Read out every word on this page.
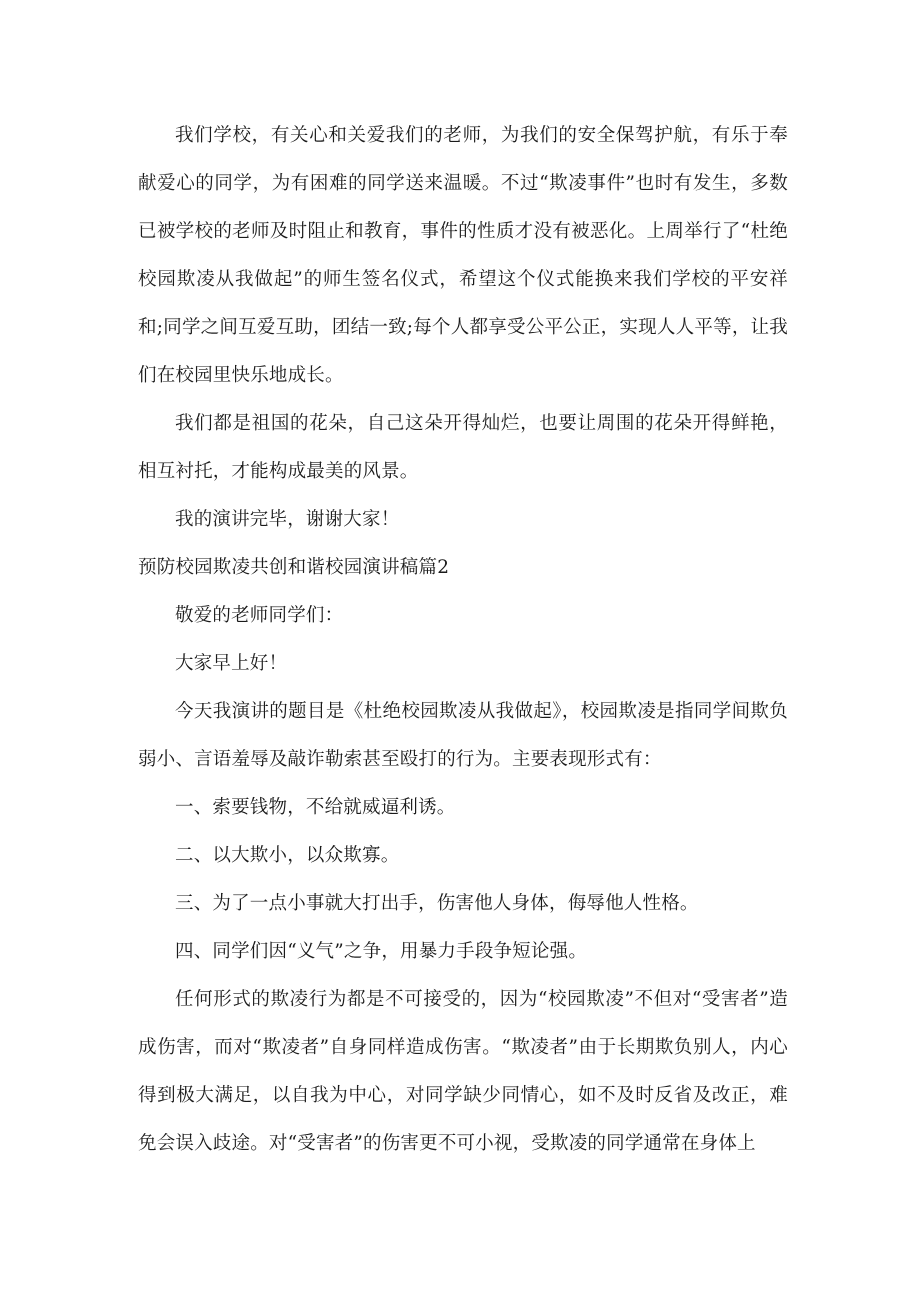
我们学校，有关心和关爱我们的老师，为我们的安全保驾护航，有乐于奉献爱心的同学，为有困难的同学送来温暖。不过“欺凌事件”也时有发生，多数已被学校的老师及时阻止和教育，事件的性质才没有被恶化。上周举行了“杜绝校园欺凌从我做起”的师生签名仪式，希望这个仪式能换来我们学校的平安祥和;同学之间互爱互助，团结一致;每个人都享受公平公正，实现人人平等，让我们在校园里快乐地成长。

我们都是祖国的花朵，自己这朵开得灿烂，也要让周围的花朵开得鲜艳，相互衬托，才能构成最美的风景。

我的演讲完毕，谢谢大家！

预防校园欺凌共创和谐校园演讲稿篇2

敬爱的老师同学们：

大家早上好！

今天我演讲的题目是《杜绝校园欺凌从我做起》，校园欺凌是指同学间欺负弱小、言语羞辱及敲诈勒索甚至殴打的行为。主要表现形式有：

一、索要钱物，不给就威逼利诱。

二、以大欺小，以众欺寡。

三、为了一点小事就大打出手，伤害他人身体，侮辱他人性格。

四、同学们因“义气”之争，用暴力手段争短论强。

任何形式的欺凌行为都是不可接受的，因为“校园欺凌”不但对“受害者”造成伤害，而对“欺凌者”自身同样造成伤害。“欺凌者”由于长期欺负别人，内心得到极大满足，以自我为中心，对同学缺少同情心，如不及时反省及改正，难免会误入歧途。对“受害者”的伤害更不可小视，受欺凌的同学通常在身体上
